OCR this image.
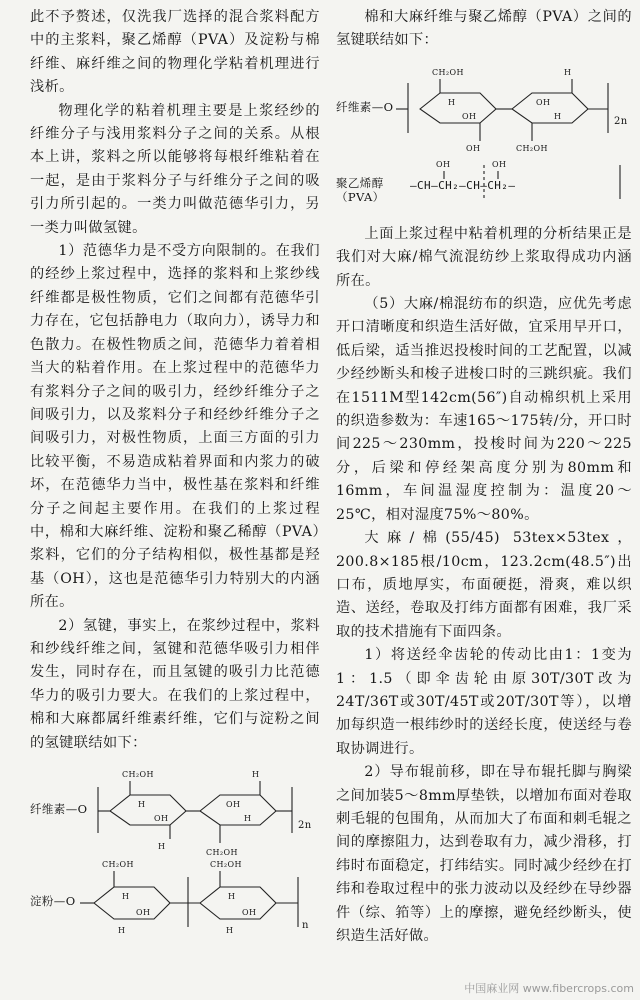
此不予赘述，仅洗我厂选择的混合浆料配方中的主浆料，聚乙烯醇（PVA）及淀粉与棉纤维、麻纤维之间的物理化学粘着机理进行浅析。

物理化学的粘着机理主要是上浆经纱的纤维分子与浅用浆料分子之间的关系。从根本上讲，浆料之所以能够将每根纤维粘着在一起，是由于浆料分子与纤维分子之间的吸引力所引起的。一类力叫做范德华引力，另一类力叫做氢键。

1）范德华力是不受方向限制的。在我们的经纱上浆过程中，选择的浆料和上浆纱线纤维都是极性物质，它们之间都有范德华引力存在，它包括静电力（取向力），诱导力和色散力。在极性物质之间，范德华力着着相当大的粘着作用。在上浆过程中的范德华力有浆料分子之间的吸引力，经纱纤维分子之间吸引力，以及浆料分子和经纱纤维分子之间吸引力，对极性物质，上面三方面的引力比较平衡，不易造成粘着界面和内浆力的破坏，在范德华力当中，极性基在浆料和纤维分子之间起主要作用。在我们的上浆过程中，棉和大麻纤维、淀粉和聚乙稀醇（PVA）浆料，它们的分子结构相似，极性基都是羟基（OH），这也是范德华引力特别大的内涵所在。

2）氢键，事实上，在浆纱过程中，浆料和纱线纤维之间，氢键和范德华吸引力相伴发生，同时存在，而且氢键的吸引力比范德华力的吸引力要大。在我们的上浆过程中，棉和大麻都属纤维素纤维，它们与淀粉之间的氢键联结如下：

纤维素—O
淀粉—O
2n
n
CH₂OH	H
H
OH
OH
H
H
CH₂OH
CH₂OH	CH₂OH
H
OH
H
OH
H	H

棉和大麻纤维与聚乙烯醇（PVA）之间的氢键联结如下：

纤维素—O
2n
聚乙烯醇
（PVA）
—CH—CH₂—CH—CH₂—
CH₂OH
H
OH
OH
H
H
OH	CH₂OH
OH	OH

上面上浆过程中粘着机理的分析结果正是我们对大麻/棉气流混纺纱上浆取得成功内涵所在。

（5）大麻/棉混纺布的织造，应优先考虑开口清晰度和织造生活好做，宜采用早开口，低后梁，适当推迟投梭时间的工艺配置，以减少经纱断头和梭子进梭口时的三跳织疵。我们在1511M型142cm(56″)自动棉织机上采用的织造参数为：车速165～175转/分，开口时间225～230mm，投梭时间为220～225分，后梁和停经架高度分别为80mm和16mm，车间温湿度控制为：温度20～25℃，相对湿度75%～80%。

大麻/棉(55/45) 53tex×53tex，200.8×185根/10cm，123.2cm(48.5″)出口布，质地厚实，布面硬挺，滑爽，难以织造、送经，卷取及打纬方面都有困难，我厂采取的技术措施有下面四条。

1）将送经伞齿轮的传动比由1：1变为1：1.5（即伞齿轮由原30T/30T改为24T/36T或30T/45T或20T/30T等），以增加每织造一根纬纱时的送经长度，使送经与卷取协调进行。

2）导布辊前移，即在导布辊托脚与胸梁之间加装5～8mm厚垫铁，以增加布面对卷取刺毛辊的包围角，从而加大了布面和刺毛辊之间的摩擦阻力，达到卷取有力，减少滑移，打纬时布面稳定，打纬结实。同时减少经纱在打纬和卷取过程中的张力波动以及经纱在导纱器件（综、筘等）上的摩擦，避免经纱断头，使织造生活好做。

中国麻业网 www.fibercrops.com
